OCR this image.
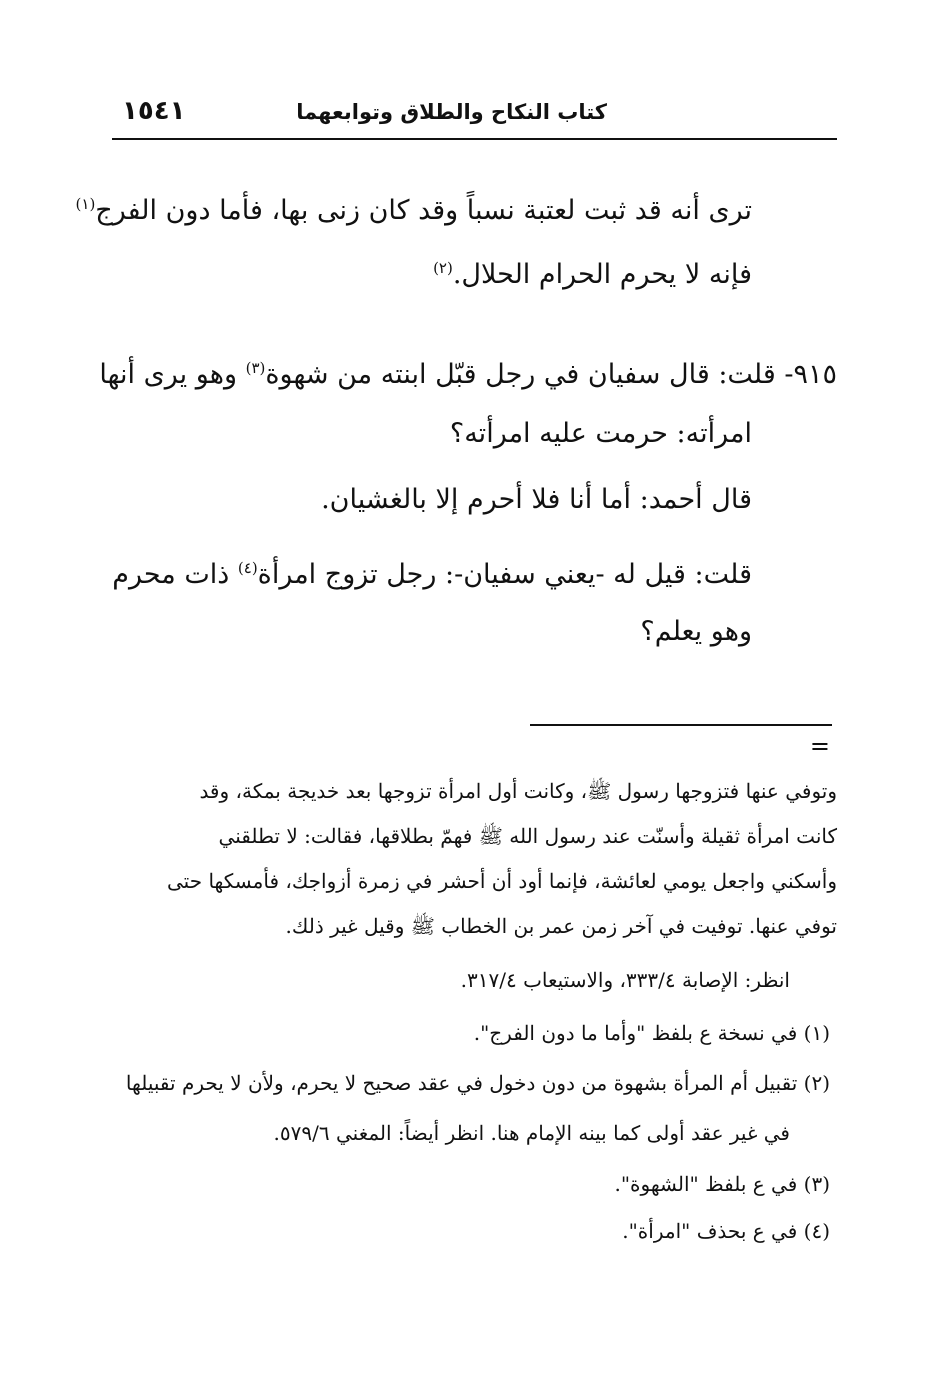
كتاب النكاح والطلاق وتوابعهما
١٥٤١
ترى أنه قد ثبت لعتبة نسباً وقد كان زنى بها، فأما دون الفرج$^{(١)}$
فإنه لا يحرم الحرام الحلال.$^{(٢)}$
٩١٥- قلت: قال سفيان في رجل قبّل ابنته من شهوة$^{(٣)}$ وهو يرى أنها
امرأته: حرمت عليه امرأته؟
قال أحمد: أما أنا فلا أحرم إلا بالغشيان.
قلت: قيل له -يعني سفيان-: رجل تزوج امرأة$^{(٤)}$ ذات محرم
وهو يعلم؟
=
وتوفي عنها فتزوجها رسول ﷺ، وكانت أول امرأة تزوجها بعد خديجة بمكة، وقد
كانت امرأة ثقيلة وأسنّت عند رسول الله ﷺ فهمّ بطلاقها، فقالت: لا تطلقني
وأسكني واجعل يومي لعائشة، فإنما أود أن أحشر في زمرة أزواجك، فأمسكها حتى
توفي عنها. توفيت في آخر زمن عمر بن الخطاب ﷺ وقيل غير ذلك.
انظر: الإصابة ٣٣٣/٤، والاستيعاب ٣١٧/٤.
(١) في نسخة ع بلفظ "وأما ما دون الفرج".
(٢) تقبيل أم المرأة بشهوة من دون دخول في عقد صحيح لا يحرم، ولأن لا يحرم تقبيلها
في غير عقد أولى كما بينه الإمام هنا. انظر أيضاً: المغني ٥٧٩/٦.
(٣) في ع بلفظ "الشهوة".
(٤) في ع بحذف "امرأة".
